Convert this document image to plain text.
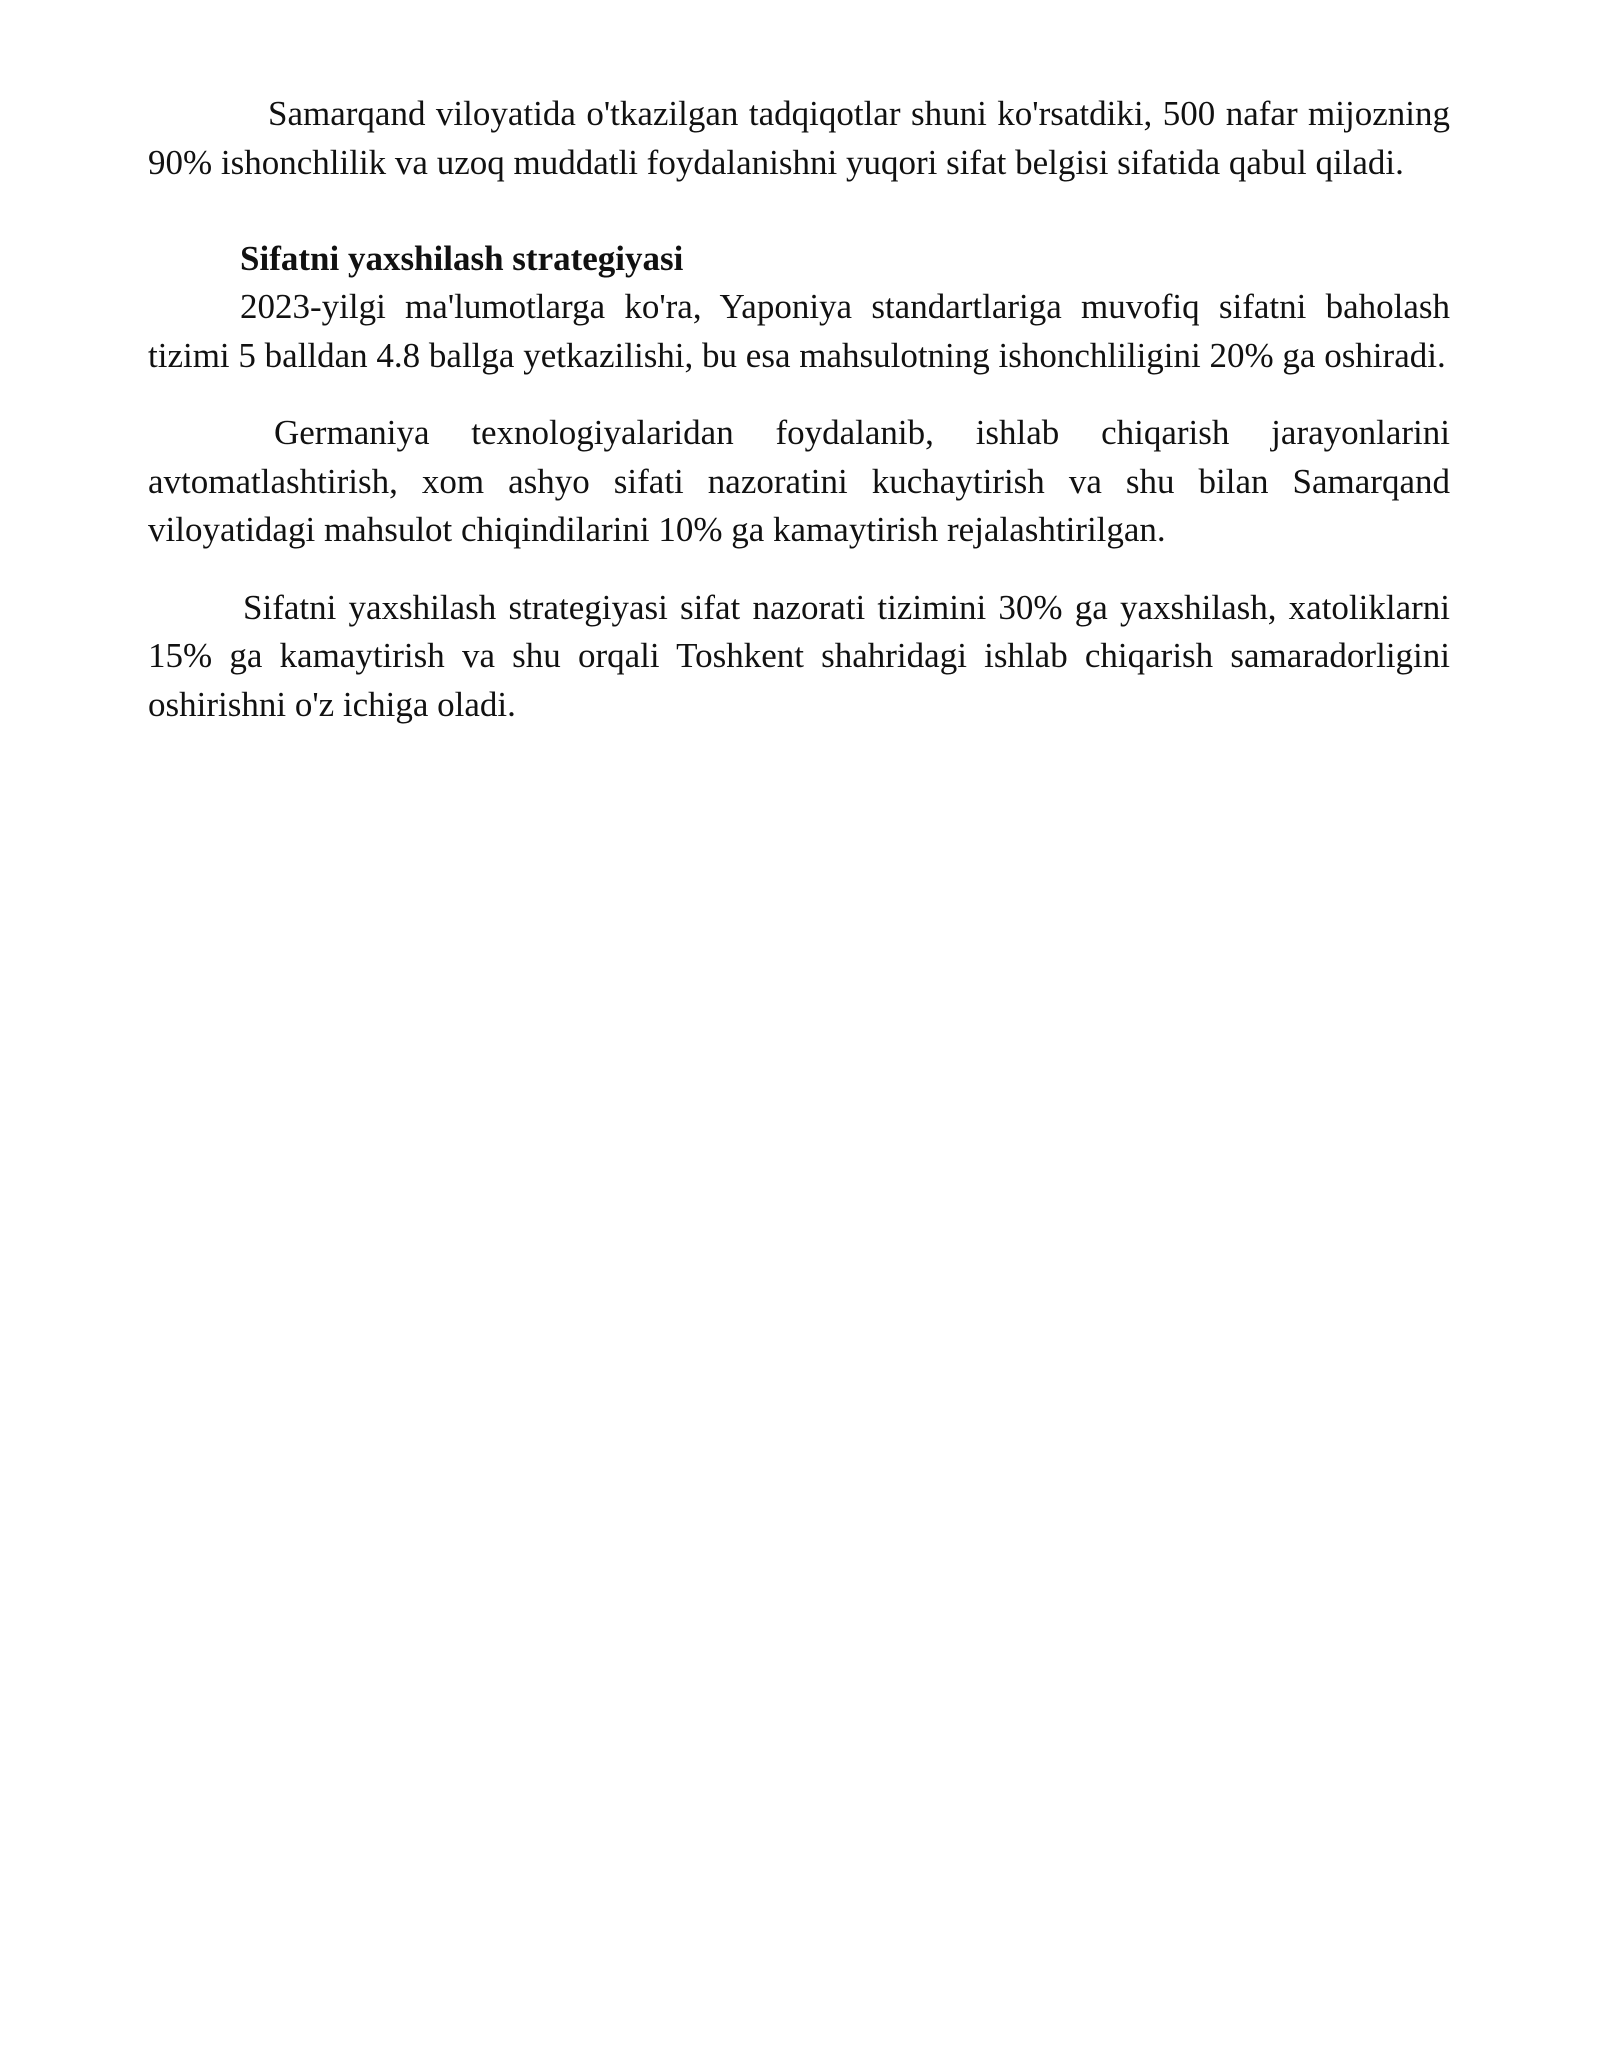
Samarqand viloyatida o'tkazilgan tadqiqotlar shuni ko'rsatdiki, 500 nafar mijozning 90% ishonchlilik va uzoq muddatli foydalanishni yuqori sifat belgisi sifatida qabul qiladi.

Sifatni yaxshilash strategiyasi

2023-yilgi ma'lumotlarga ko'ra, Yaponiya standartlariga muvofiq sifatni baholash tizimi 5 balldan 4.8 ballga yetkazilishi, bu esa mahsulotning ishonchliligini 20% ga oshiradi.

Germaniya texnologiyalaridan foydalanib, ishlab chiqarish jarayonlarini avtomatlashtirish, xom ashyo sifati nazoratini kuchaytirish va shu bilan Samarqand viloyatidagi mahsulot chiqindilarini 10% ga kamaytirish rejalashtirilgan.

Sifatni yaxshilash strategiyasi sifat nazorati tizimini 30% ga yaxshilash, xatoliklarni 15% ga kamaytirish va shu orqali Toshkent shahridagi ishlab chiqarish samaradorligini oshirishni o'z ichiga oladi.
